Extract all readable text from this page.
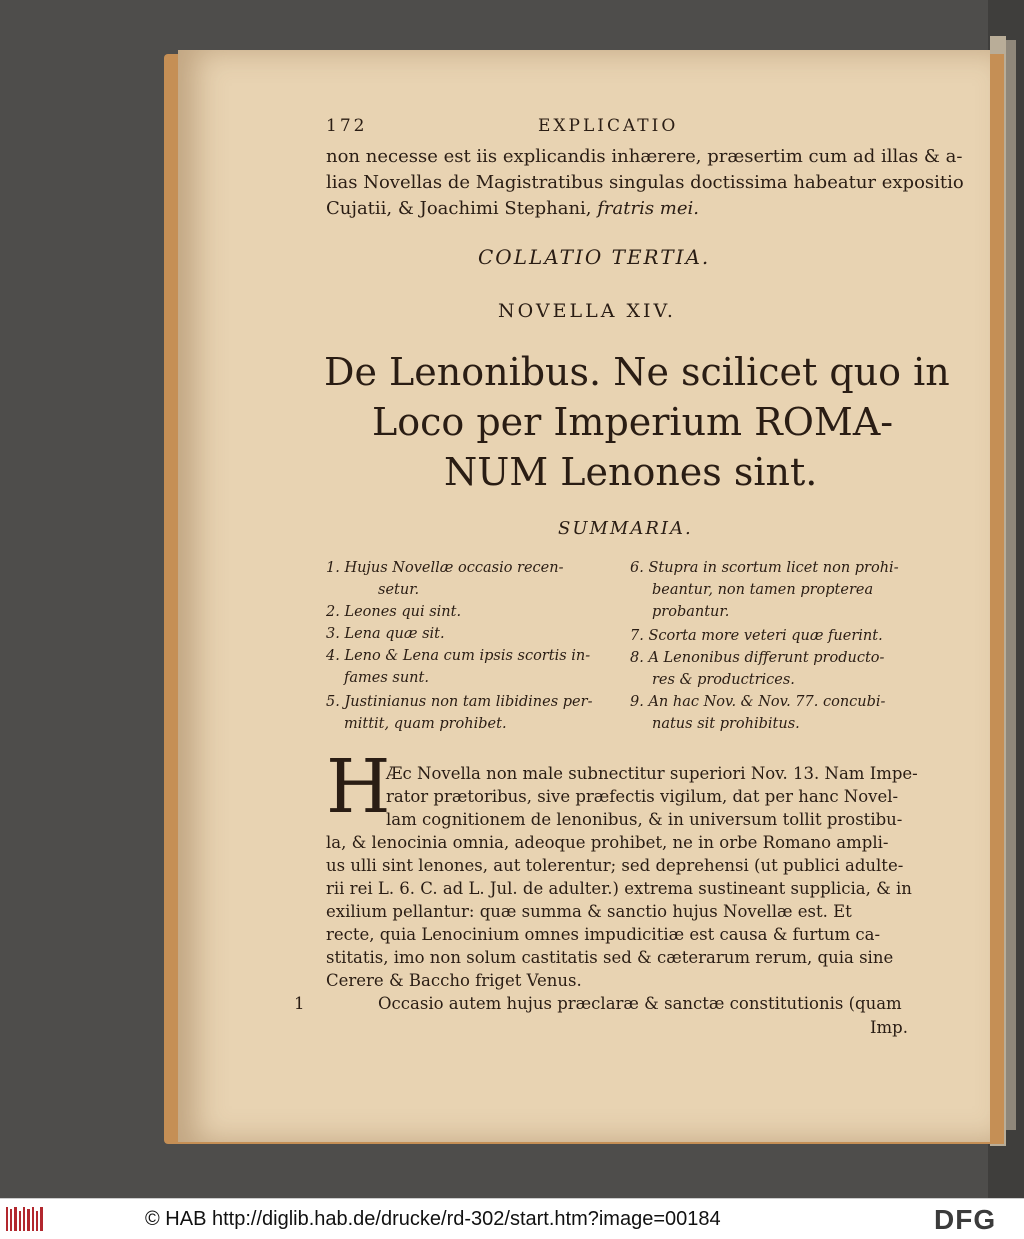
172	EXPLICATIO
non necesse est iis explicandis inhærere, præsertim cum ad illas & a-
lias Novellas de Magistratibus singulas doctissima habeatur expositio
Cujatii, & Joachimi Stephani, fratris mei.
COLLATIO TERTIA.
NOVELLA XIV.
De Lenonibus. Ne scilicet quo in
Loco per Imperium ROMA-
NUM Lenones sint.
SUMMARIA.
1. Hujus Novellæ occasio recen-
setur.
2. Leones qui sint.
3. Lena quæ sit.
4. Leno & Lena cum ipsis scortis in-
fames sunt.
5. Justinianus non tam libidines per-
mittit, quam prohibet.
6. Stupra in scortum licet non prohi-
beantur, non tamen propterea
probantur.
7. Scorta more veteri quæ fuerint.
8. A Lenonibus differunt producto-
res & productrices.
9. An hac Nov. & Nov. 77. concubi-
natus sit prohibitus.
H
Æc Novella non male subnectitur superiori Nov. 13. Nam Impe-
rator prætoribus, sive præfectis vigilum, dat per hanc Novel-
lam cognitionem de lenonibus, & in universum tollit prostibu-
la, & lenocinia omnia, adeoque prohibet, ne in orbe Romano ampli-
us ulli sint lenones, aut tolerentur; sed deprehensi (ut publici adulte-
rii rei L. 6. C. ad L. Jul. de adulter.) extrema sustineant supplicia, & in
exilium pellantur: quæ summa & sanctio hujus Novellæ est. Et
recte, quia Lenocinium omnes impudicitiæ est causa & furtum ca-
stitatis, imo non solum castitatis sed & cæterarum rerum, quia sine
Cerere & Baccho friget Venus.
1	Occasio autem hujus præclaræ & sanctæ constitutionis (quam
Imp.
© HAB http://diglib.hab.de/drucke/rd-302/start.htm?image=00184	DFG
